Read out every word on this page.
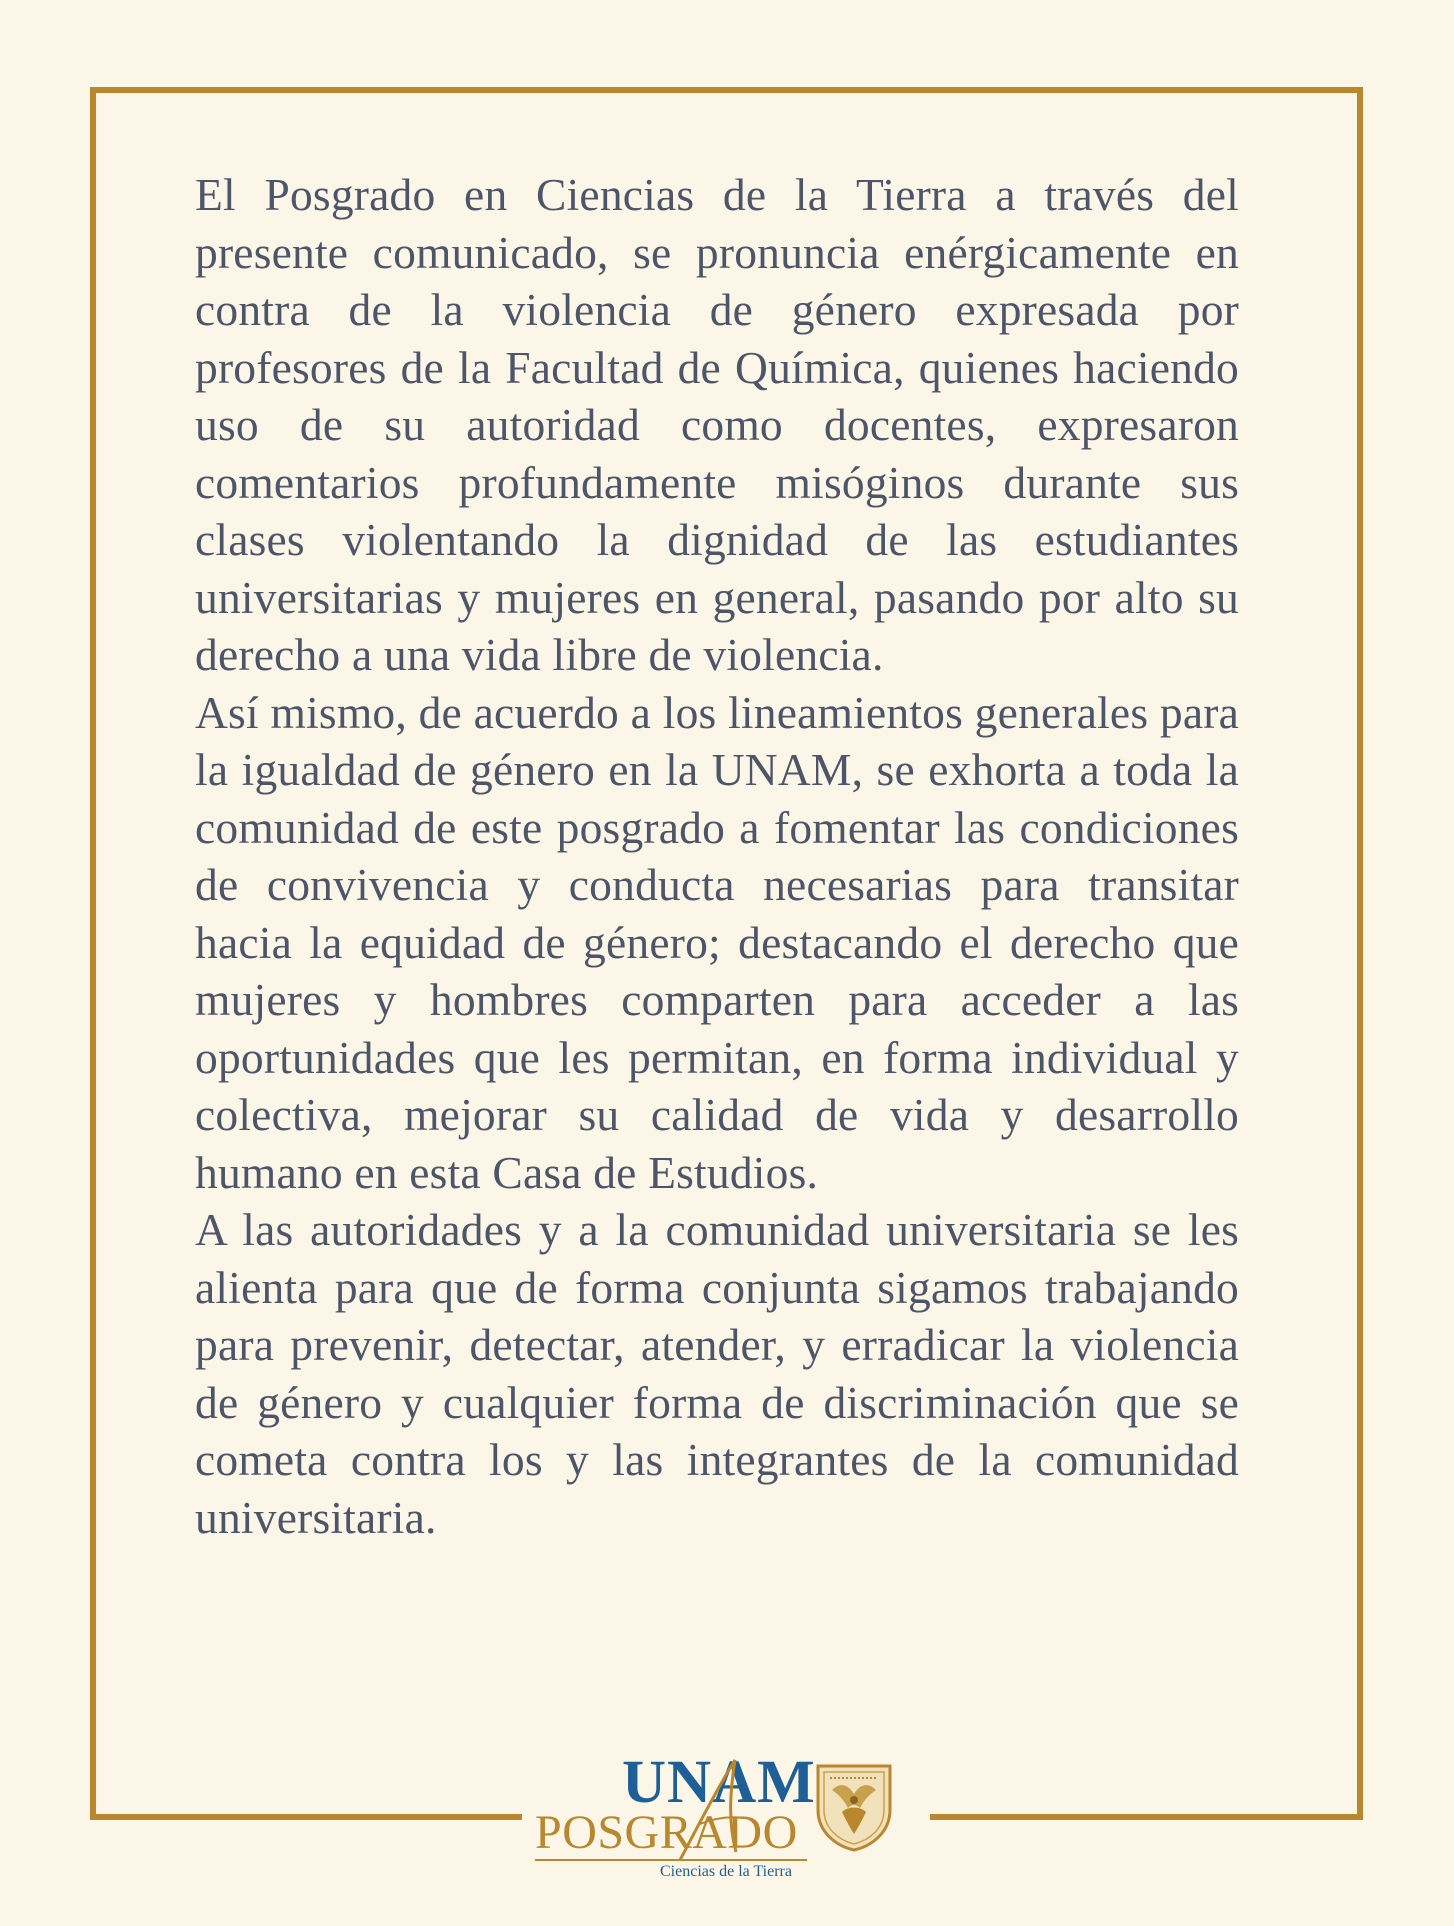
El Posgrado en Ciencias de la Tierra a través del presente comunicado, se pronuncia enérgicamente en contra de la violencia de género expresada por profesores de la Facultad de Química, quienes haciendo uso de su autoridad como docentes, expresaron comentarios profundamente misóginos durante sus clases violentando la dignidad de las estudiantes universitarias y mujeres en general, pasando por alto su derecho a una vida libre de violencia.

Así mismo, de acuerdo a los lineamientos generales para la igualdad de género en la UNAM, se exhorta a toda la comunidad de este posgrado a fomentar las condiciones de convivencia y conducta necesarias para transitar hacia la equidad de género; destacando el derecho que mujeres y hombres comparten para acceder a las oportunidades que les permitan, en forma individual y colectiva, mejorar su calidad de vida y desarrollo humano en esta Casa de Estudios.

A las autoridades y a la comunidad universitaria se les alienta para que de forma conjunta sigamos trabajando para prevenir, detectar, atender, y erradicar la violencia de género y cualquier forma de discriminación que se cometa contra los y las integrantes de la comunidad universitaria.

UNAM
POSGRADO
Ciencias de la Tierra
